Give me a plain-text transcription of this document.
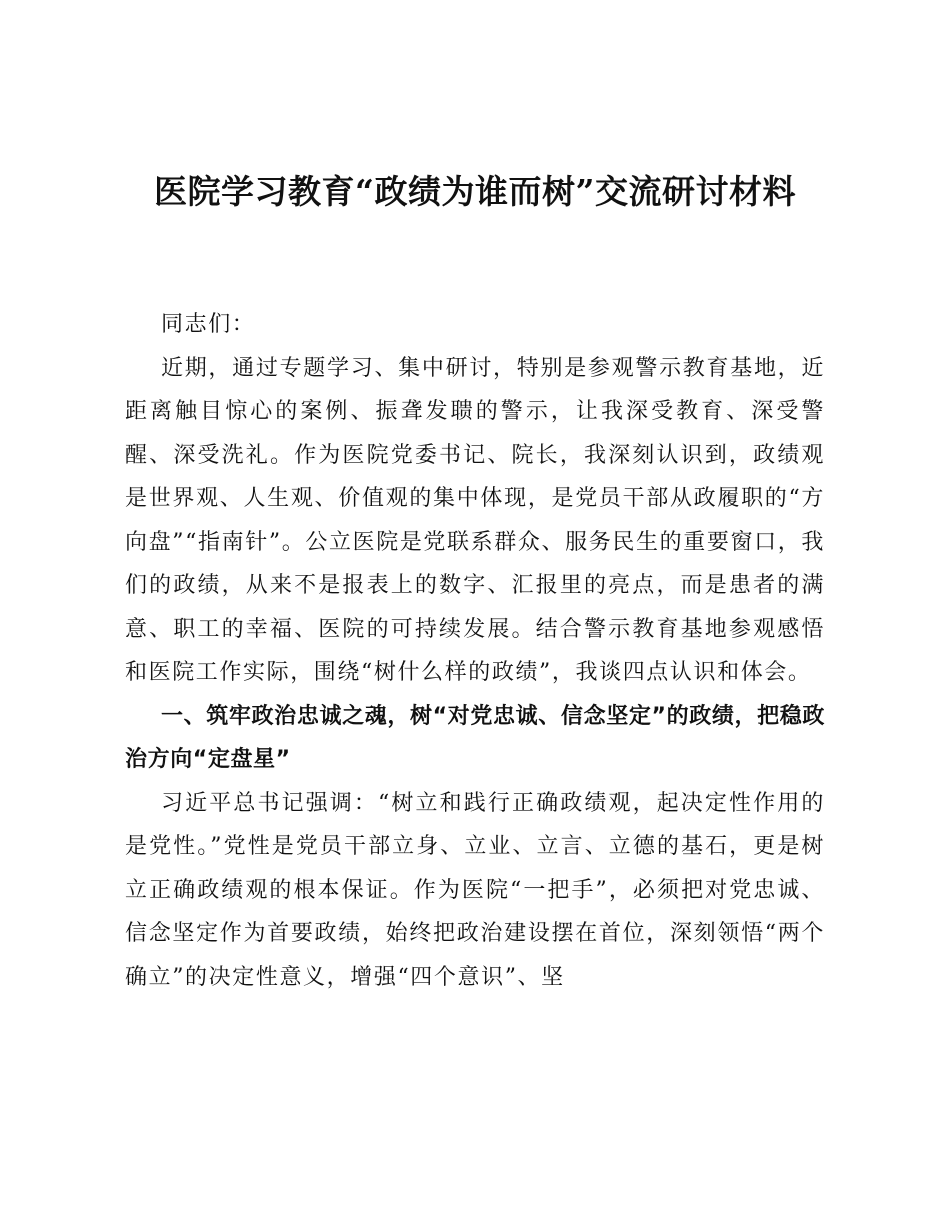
医院学习教育“政绩为谁而树”交流研讨材料

同志们：

近期，通过专题学习、集中研讨，特别是参观警示教育基地，近距离触目惊心的案例、振聋发聩的警示，让我深受教育、深受警醒、深受洗礼。作为医院党委书记、院长，我深刻认识到，政绩观是世界观、人生观、价值观的集中体现，是党员干部从政履职的“方向盘”“指南针”。公立医院是党联系群众、服务民生的重要窗口，我们的政绩，从来不是报表上的数字、汇报里的亮点，而是患者的满意、职工的幸福、医院的可持续发展。结合警示教育基地参观感悟和医院工作实际，围绕“树什么样的政绩”，我谈四点认识和体会。

一、筑牢政治忠诚之魂，树“对党忠诚、信念坚定”的政绩，把稳政治方向“定盘星”

习近平总书记强调：“树立和践行正确政绩观，起决定性作用的是党性。”党性是党员干部立身、立业、立言、立德的基石，更是树立正确政绩观的根本保证。作为医院“一把手”，必须把对党忠诚、信念坚定作为首要政绩，始终把政治建设摆在首位，深刻领悟“两个确立”的决定性意义，增强“四个意识”、坚
